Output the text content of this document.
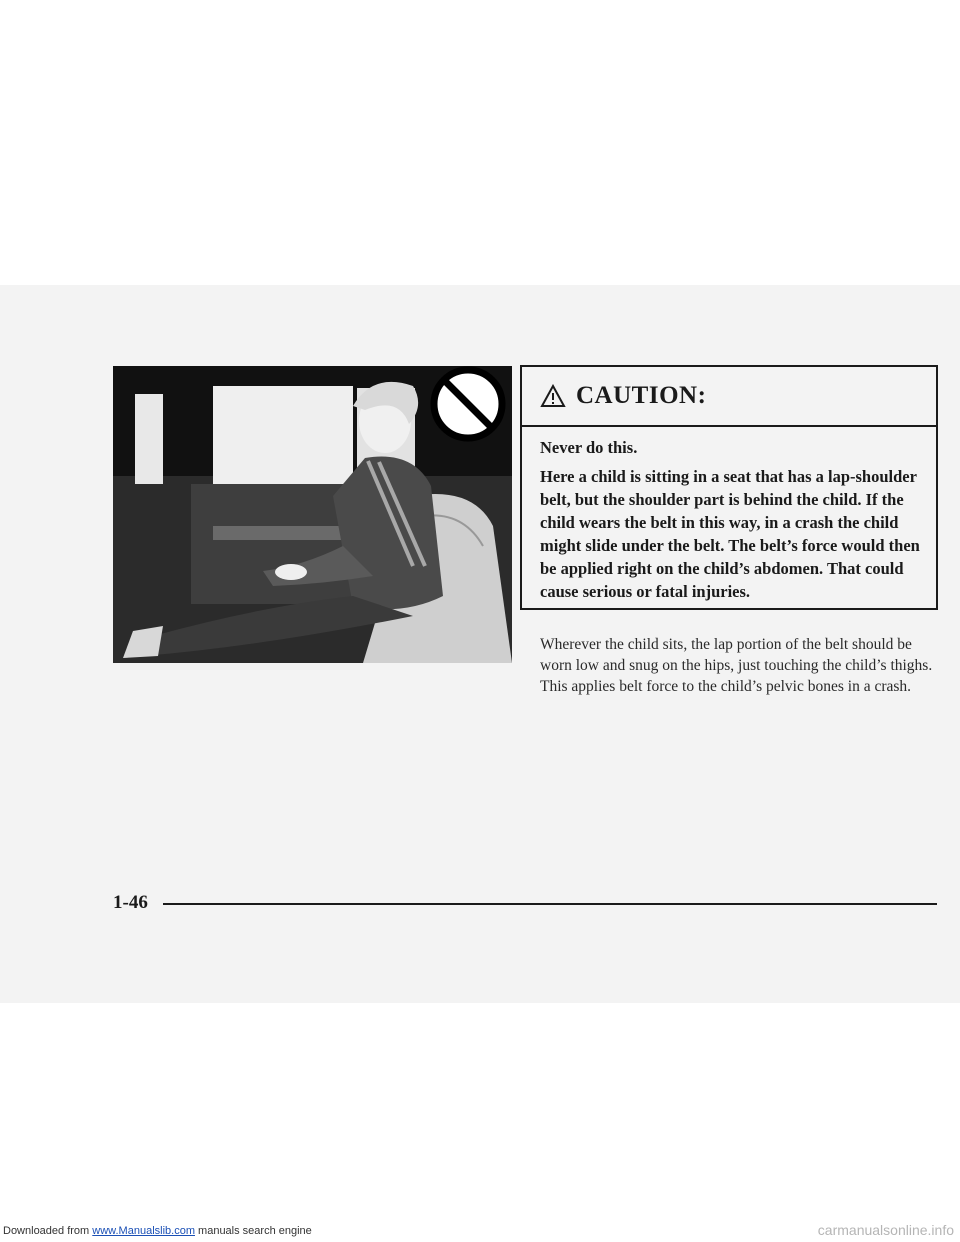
CAUTION:

Never do this.

Here a child is sitting in a seat that has a lap-shoulder belt, but the shoulder part is behind the child. If the child wears the belt in this way, in a crash the child might slide under the belt. The belt’s force would then be applied right on the child’s abdomen. That could cause serious or fatal injuries.

Wherever the child sits, the lap portion of the belt should be worn low and snug on the hips, just touching the child’s thighs. This applies belt force to the child’s pelvic bones in a crash.
1-46
Downloaded from www.Manualslib.com manuals search engine	carmanualsonline.info
